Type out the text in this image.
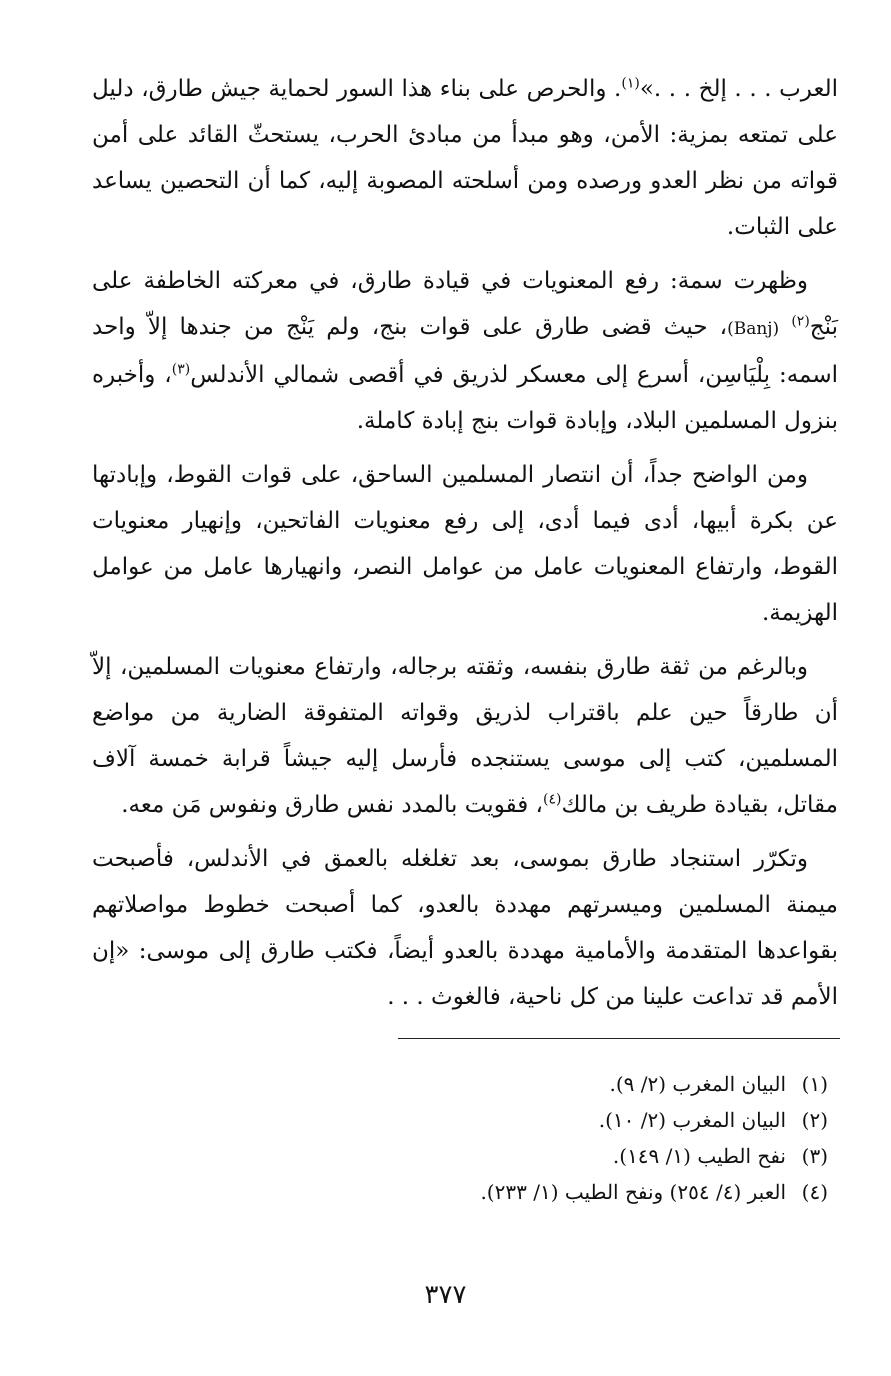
العرب . . . إلخ . . .»$^{(١)}$. والحرص على بناء هذا السور لحماية جيش طارق، دليل على تمتعه بمزية: الأمن، وهو مبدأ من مبادئ الحرب، يستحثّ القائد على أمن قواته من نظر العدو ورصده ومن أسلحته المصوبة إليه، كما أن التحصين يساعد على الثبات.

وظهرت سمة: رفع المعنويات في قيادة طارق، في معركته الخاطفة على بَنْج$^{(٢)}$ (Banj)، حيث قضى طارق على قوات بنج، ولم يَنْج من جندها إلاّ واحد اسمه: بِلْيَاسِن، أسرع إلى معسكر لذريق في أقصى شمالي الأندلس$^{(٣)}$، وأخبره بنزول المسلمين البلاد، وإبادة قوات بنج إبادة كاملة.

ومن الواضح جداً، أن انتصار المسلمين الساحق، على قوات القوط، وإبادتها عن بكرة أبيها، أدى فيما أدى، إلى رفع معنويات الفاتحين، وإنهيار معنويات القوط، وارتفاع المعنويات عامل من عوامل النصر، وانهيارها عامل من عوامل الهزيمة.

وبالرغم من ثقة طارق بنفسه، وثقته برجاله، وارتفاع معنويات المسلمين، إلاّ أن طارقاً حين علم باقتراب لذريق وقواته المتفوقة الضارية من مواضع المسلمين، كتب إلى موسى يستنجده فأرسل إليه جيشاً قرابة خمسة آلاف مقاتل، بقيادة طريف بن مالك$^{(٤)}$، فقويت بالمدد نفس طارق ونفوس مَن معه.

وتكرّر استنجاد طارق بموسى، بعد تغلغله بالعمق في الأندلس، فأصبحت ميمنة المسلمين وميسرتهم مهددة بالعدو، كما أصبحت خطوط مواصلاتهم بقواعدها المتقدمة والأمامية مهددة بالعدو أيضاً، فكتب طارق إلى موسى: «إن الأمم قد تداعت علينا من كل ناحية، فالغوث . . .

(١)البيان المغرب (٢/ ٩).

(٢)البيان المغرب (٢/ ١٠).

(٣)نفح الطيب (١/ ١٤٩).

(٤)العبر (٤/ ٢٥٤) ونفح الطيب (١/ ٢٣٣).

٣٧٧
